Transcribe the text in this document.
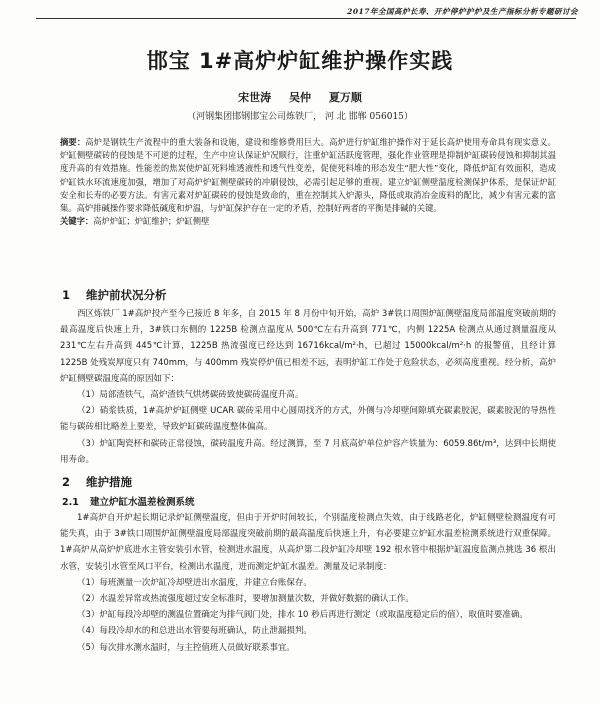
2017年全国高炉长寿、开炉停炉护炉及生产指标分析专题研讨会
邯宝 1#高炉炉缸维护操作实践
宋世涛 吴仲 夏万顺
（河钢集团邯钢邯宝公司炼铁厂， 河 北 邯郸 056015）
摘要：高炉是钢铁生产流程中的重大装备和设施，建设和维修费用巨大。高炉进行炉缸维护操作对于延长高炉使用寿命具有现实意义。炉缸侧壁碳砖的侵蚀是不可逆的过程，生产中应认保证炉况顺行，注重炉缸活跃度管理，强化作业管理是抑制炉缸碳砖侵蚀和抑制其温度升高的有效措施。性能差的焦炭使炉缸死料堆透液性和透气性变差，促使死料堆的形态发生“肥大性”变化，降低炉缸有效面积，造成炉缸铁水环流速度加强，增加了对高炉炉缸侧壁碳砖的冲刷侵蚀，必需引起足够的重视。建立炉缸侧壁温度检测保护体系，是保证炉缸安全和长寿的必要方法。有害元素对炉缸碳砖的侵蚀是致命的，重在控制其入炉源头，降低或取消冶金废料的配比，减少有害元素的富集。高炉排碱操作要求降低碱度和炉温，与炉缸保护存在一定的矛盾，控制好两者的平衡是排碱的关键。
关键字：高炉炉缸；炉缸维护；炉缸侧壁
1 维护前状况分析

西区炼铁厂 1#高炉投产至今已接近 8 年多，自 2015 年 8 月份中旬开始，高炉 3#铁口周围炉缸侧壁温度局部温度突破前期的最高温度后快速上升，3#铁口东侧的 1225B 检测点温度从 500℃左右升高到 771℃，内侧 1225A 检测点从通过测量温度从 231℃左右升高到 445℃计算，1225B 热流强度已经达到 16716kcal/m²·h，已超过 15000kcal/m²·h 的报警值，且经计算 1225B 处残炭厚度只有 740mm，与 400mm 残炭停炉值已相差不远，表明炉缸工作处于危险状态，必须高度重视。经分析，高炉炉缸侧壁碳温度高的原因如下：

（1）局部渣铁气，高炉渣铁气烘烤碳砖致使碳砖温度升高。

（2）硝浆铁质，1#高炉炉缸侧壁 UCAR 碳砖采用中心圆周找齐的方式，外侧与冷却壁间隙填充碳素胶泥，碳素胶泥的导热性能与碳砖相比略差上要差，导致炉缸碳砖温度整体偏高。

（3）炉缸陶瓷杯和碳砖正常侵蚀，碳砖温度升高。经过测算，至 7 月底高炉单位炉容产铁量为：6059.86t/m³，达到中长期使用寿命。

2 维护措施
2.1 建立炉缸水温差检测系统

1#高炉自开炉起长期记录炉缸侧壁温度，但由于开炉时间较长，个别温度检测点失效，由于线路老化，炉缸侧壁检测温度有可能失真，由于 3#铁口周围炉缸侧壁温度局部温度突破前期的最高温度后快速上升，有必要建立炉缸水温差检测系统进行双重保障。1#高炉从高炉炉底进水主管安装引水管，检测进水温度，从高炉第二段炉缸冷却壁 192 根水管中根据炉缸温度监测点挑选 36 根出水管，安装引水管至风口平台，检测出水温度，进而测定炉缸水温差。测量及记录制度：

（1）每班测量一次炉缸冷却壁进出水温度，并建立台账保存。

（2）水温差异常或热流强度超过安全标准时，要增加测量次数，并做好数据的确认工作。

（3）炉缸每段冷却壁的测温位置确定为排气阀门处，排水 10 秒后再进行测定（或取温度稳定后的值），取值时要准确。

（4）每段冷却水的和总进出水管要每班确认，防止泄漏损判。

（5）每次排水测水温时，与主控值班人员做好联系事宜。
